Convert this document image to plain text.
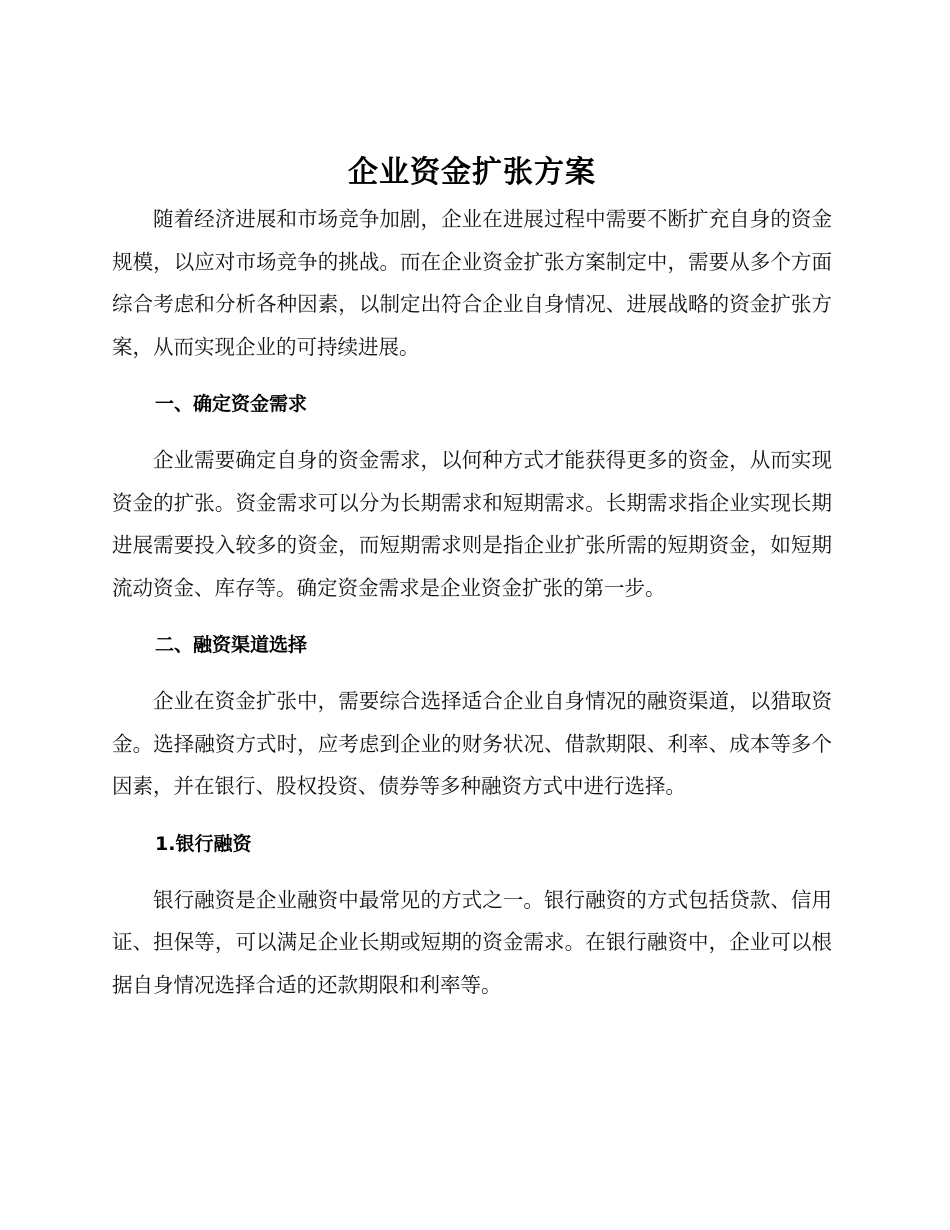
企业资金扩张方案

随着经济进展和市场竞争加剧，企业在进展过程中需要不断扩充自身的资金规模，以应对市场竞争的挑战。而在企业资金扩张方案制定中，需要从多个方面综合考虑和分析各种因素，以制定出符合企业自身情况、进展战略的资金扩张方案，从而实现企业的可持续进展。

一、确定资金需求

企业需要确定自身的资金需求，以何种方式才能获得更多的资金，从而实现资金的扩张。资金需求可以分为长期需求和短期需求。长期需求指企业实现长期进展需要投入较多的资金，而短期需求则是指企业扩张所需的短期资金，如短期流动资金、库存等。确定资金需求是企业资金扩张的第一步。

二、融资渠道选择

企业在资金扩张中，需要综合选择适合企业自身情况的融资渠道，以猎取资金。选择融资方式时，应考虑到企业的财务状况、借款期限、利率、成本等多个因素，并在银行、股权投资、债券等多种融资方式中进行选择。

1.银行融资

银行融资是企业融资中最常见的方式之一。银行融资的方式包括贷款、信用证、担保等，可以满足企业长期或短期的资金需求。在银行融资中，企业可以根据自身情况选择合适的还款期限和利率等。
